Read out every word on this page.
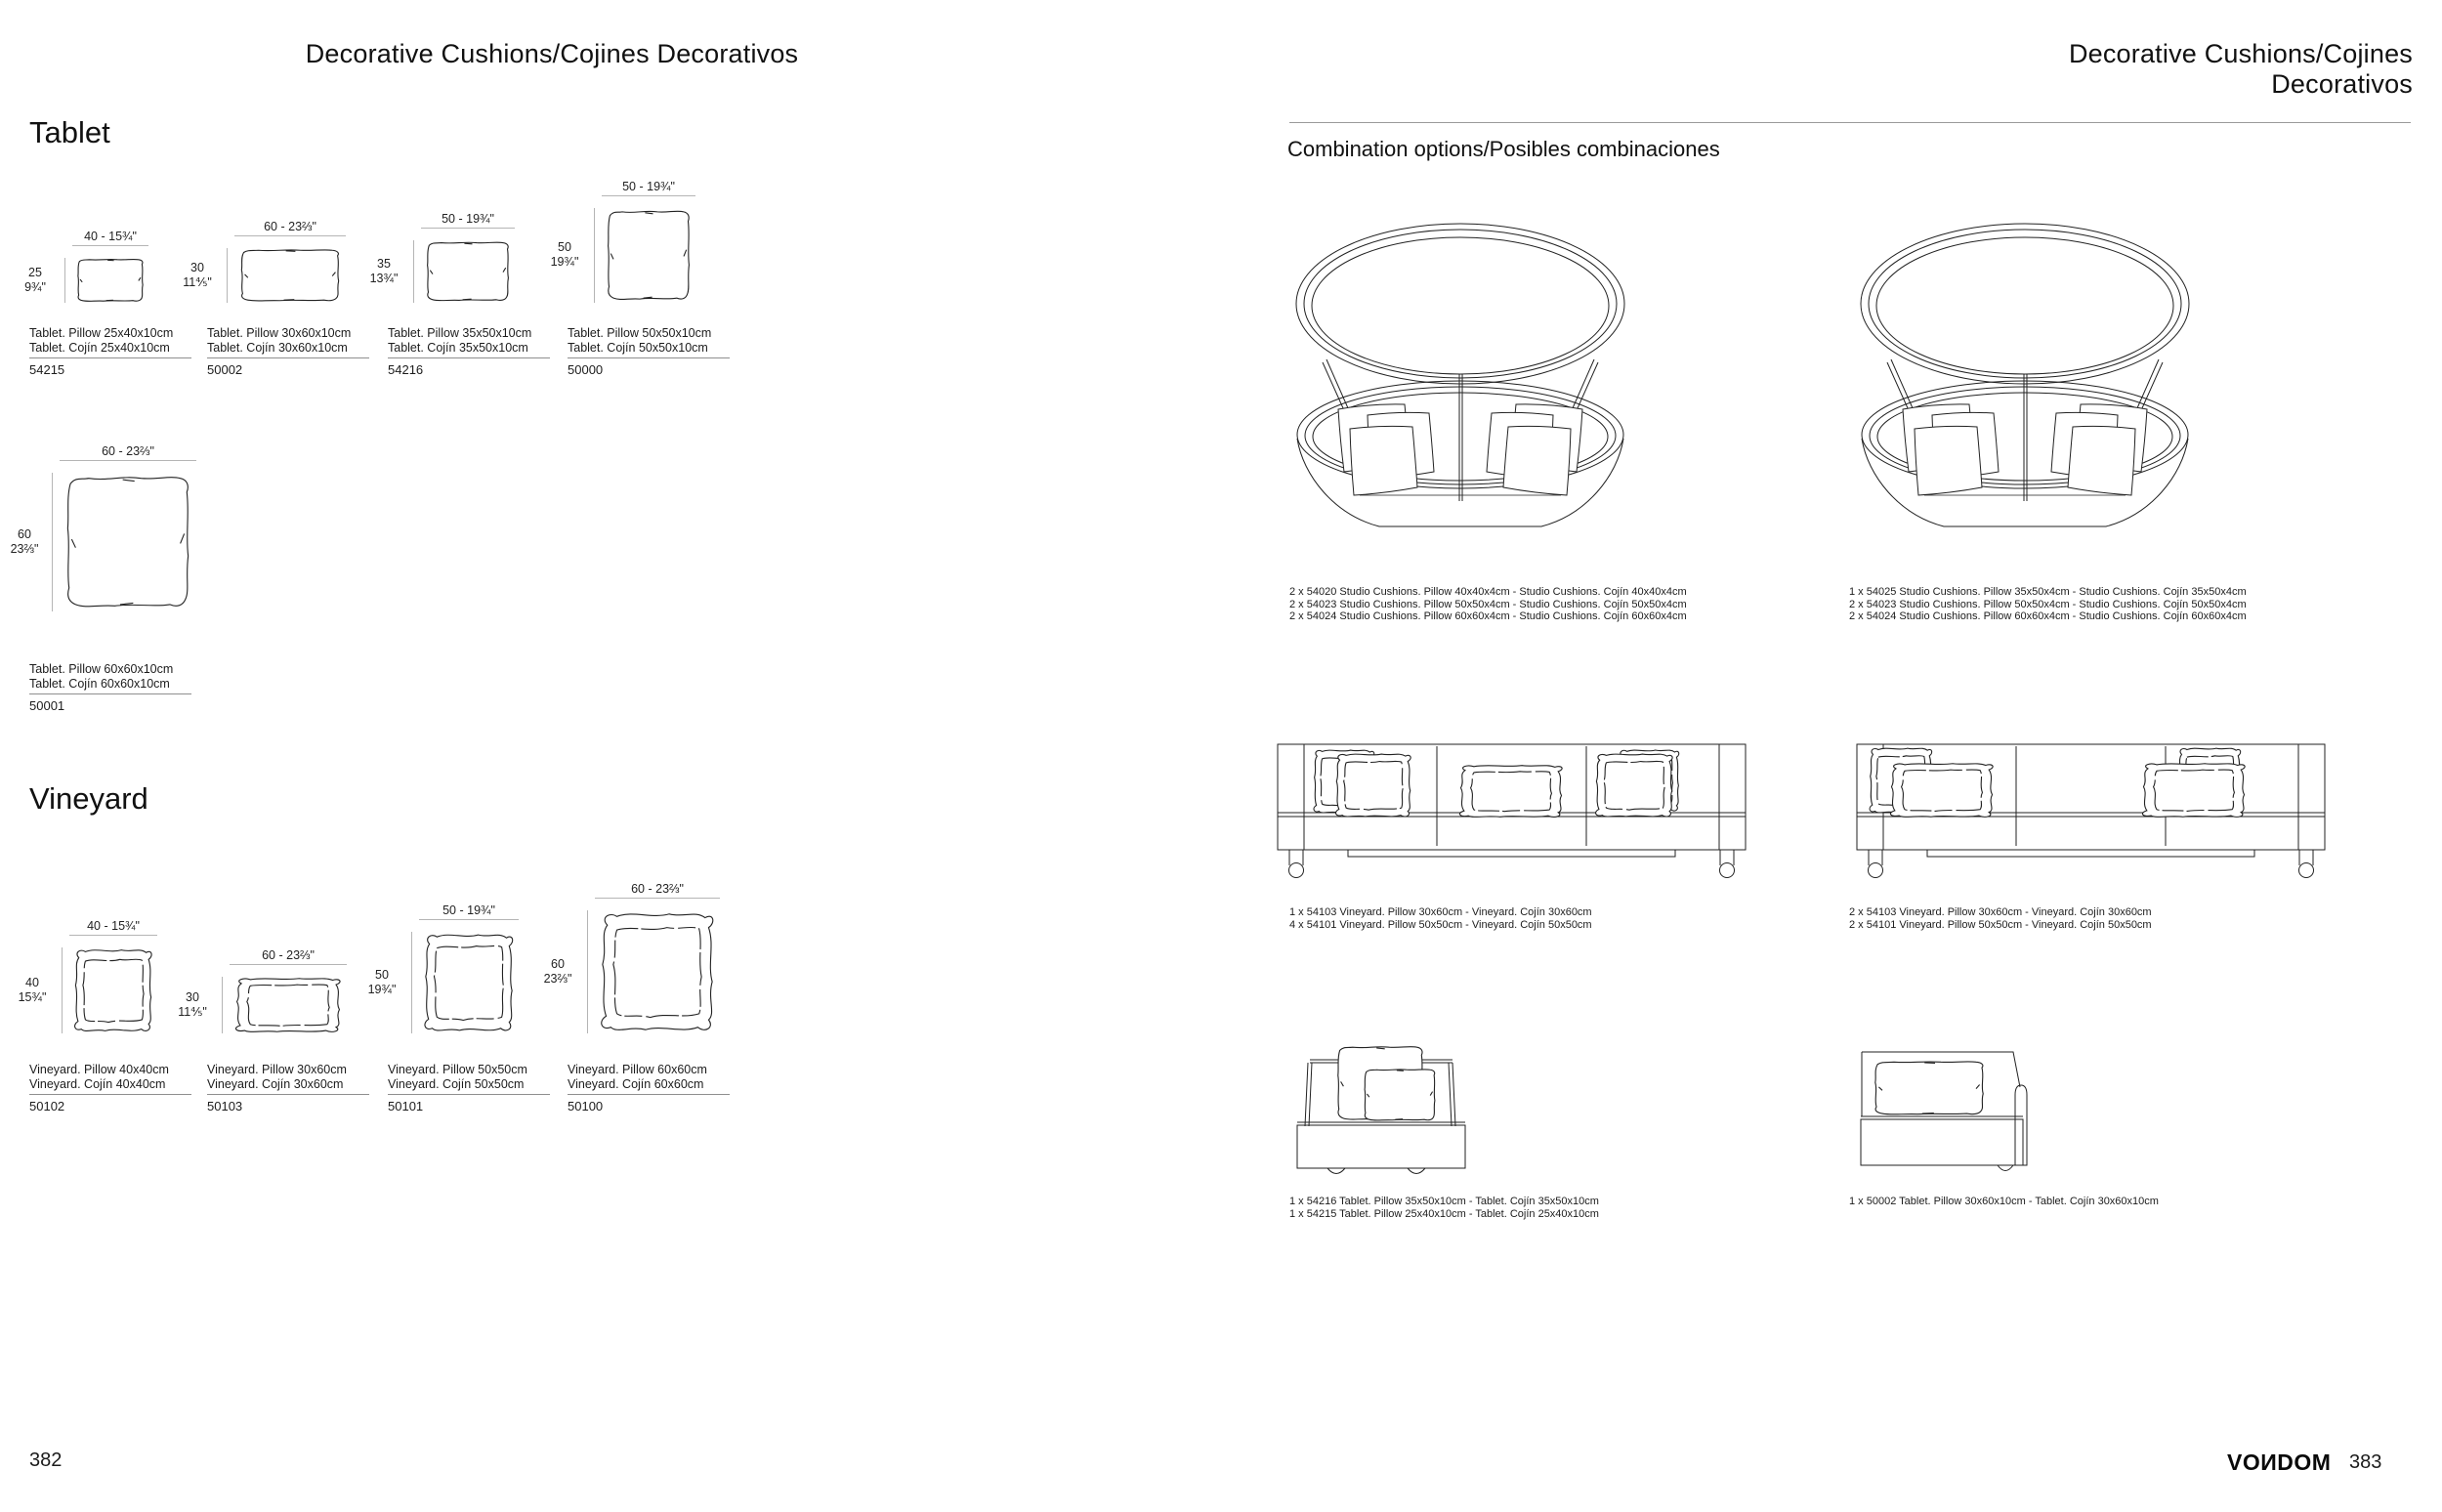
Decorative Cushions/Cojines Decorativos
Tablet
40 - 15¾"
25
9¾"
Tablet. Pillow 25x40x10cm
Tablet. Cojín 25x40x10cm
54215
60 - 23⅔"
30
11⅘"
Tablet. Pillow 30x60x10cm
Tablet. Cojín 30x60x10cm
50002
50 - 19¾"
35
13¾"
Tablet. Pillow 35x50x10cm
Tablet. Cojín 35x50x10cm
54216
50 - 19¾"
50
19¾"
Tablet. Pillow 50x50x10cm
Tablet. Cojín 50x50x10cm
50000
60 - 23⅔"
60
23⅔"
Tablet. Pillow 60x60x10cm
Tablet. Cojín 60x60x10cm
50001
Vineyard
40 - 15¾"
40
15¾"
Vineyard. Pillow 40x40cm
Vineyard. Cojín 40x40cm
50102
60 - 23⅔"
30
11⅘"
Vineyard. Pillow 30x60cm
Vineyard. Cojín 30x60cm
50103
50 - 19¾"
50
19¾"
Vineyard. Pillow 50x50cm
Vineyard. Cojín 50x50cm
50101
60 - 23⅔"
60
23⅔"
Vineyard. Pillow 60x60cm
Vineyard. Cojín 60x60cm
50100
382
Decorative Cushions/Cojines Decorativos
Combination options/Posibles combinaciones
2 x 54020 Studio Cushions. Pillow 40x40x4cm - Studio Cushions. Cojín 40x40x4cm
2 x 54023 Studio Cushions. Pillow 50x50x4cm - Studio Cushions. Cojín 50x50x4cm
2 x 54024 Studio Cushions. Pillow 60x60x4cm - Studio Cushions. Cojín 60x60x4cm
1 x 54025 Studio Cushions. Pillow 35x50x4cm - Studio Cushions. Cojín 35x50x4cm
2 x 54023 Studio Cushions. Pillow 50x50x4cm - Studio Cushions. Cojín 50x50x4cm
2 x 54024 Studio Cushions. Pillow 60x60x4cm - Studio Cushions. Cojín 60x60x4cm
1 x 54103 Vineyard. Pillow 30x60cm - Vineyard. Cojín 30x60cm
4 x 54101 Vineyard. Pillow 50x50cm - Vineyard. Cojín 50x50cm
2 x 54103 Vineyard. Pillow 30x60cm - Vineyard. Cojín 30x60cm
2 x 54101 Vineyard. Pillow 50x50cm - Vineyard. Cojín 50x50cm
1 x 54216 Tablet. Pillow 35x50x10cm - Tablet. Cojín 35x50x10cm
1 x 54215 Tablet. Pillow 25x40x10cm - Tablet. Cojín 25x40x10cm
1 x 50002 Tablet. Pillow 30x60x10cm - Tablet. Cojín 30x60x10cm
VOИDOM 383
